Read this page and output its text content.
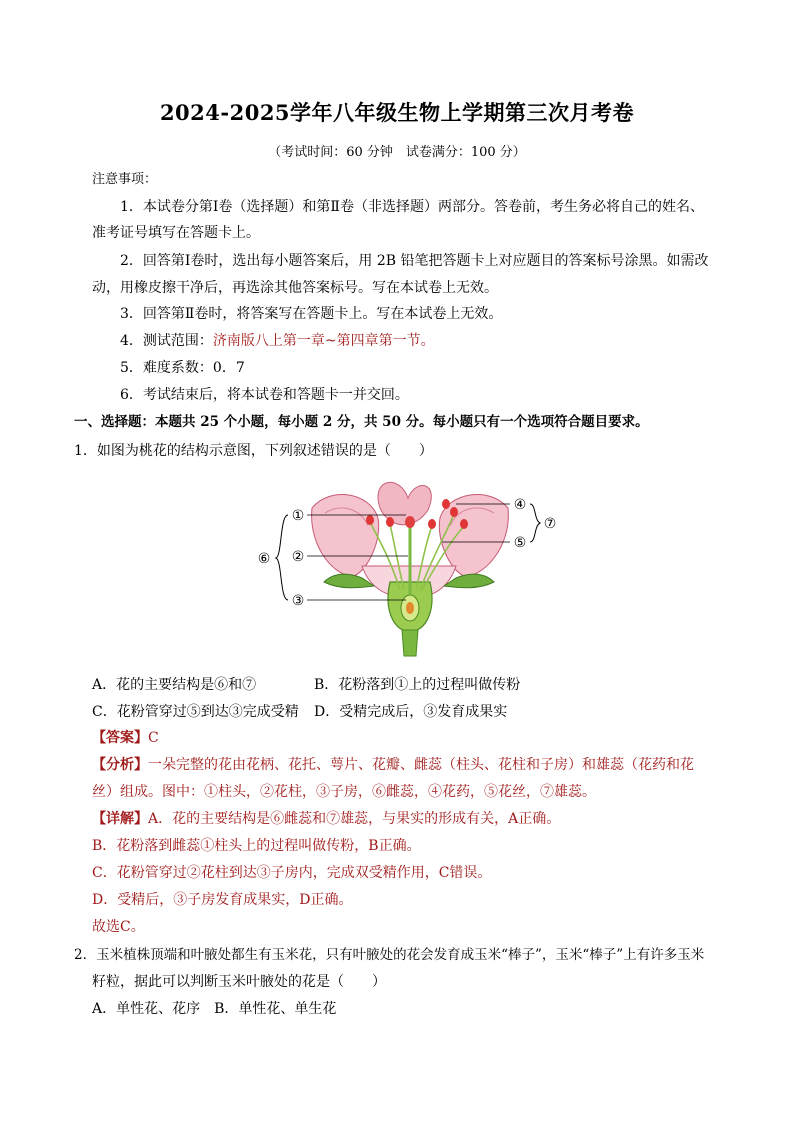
2024-2025学年八年级生物上学期第三次月考卷
（考试时间：60 分钟　试卷满分：100 分）
注意事项：
1．本试卷分第Ⅰ卷（选择题）和第Ⅱ卷（非选择题）两部分。答卷前，考生务必将自己的姓名、
准考证号填写在答题卡上。
2．回答第Ⅰ卷时，选出每小题答案后，用 2B 铅笔把答题卡上对应题目的答案标号涂黑。如需改
动，用橡皮擦干净后，再选涂其他答案标号。写在本试卷上无效。
3．回答第Ⅱ卷时，将答案写在答题卡上。写在本试卷上无效。
4．测试范围：济南版八上第一章~第四章第一节。
5．难度系数：0．7
6．考试结束后，将本试卷和答题卡一并交回。
一、选择题：本题共 25 个小题，每小题 2 分，共 50 分。每小题只有一个选项符合题目要求。
1．如图为桃花的结构示意图，下列叙述错误的是（　　）
①
②
③
④
⑤
⑥
⑦
A．花的主要结构是⑥和⑦	B．花粉落到①上的过程叫做传粉
C．花粉管穿过⑤到达③完成受精 D．受精完成后，③发育成果实
【答案】C
【分析】一朵完整的花由花柄、花托、萼片、花瓣、雌蕊（柱头、花柱和子房）和雄蕊（花药和花
丝）组成。图中：①柱头，②花柱，③子房，⑥雌蕊，④花药，⑤花丝，⑦雄蕊。
【详解】A．花的主要结构是⑥雌蕊和⑦雄蕊，与果实的形成有关，A正确。
B．花粉落到雌蕊①柱头上的过程叫做传粉，B正确。
C．花粉管穿过②花柱到达③子房内，完成双受精作用，C错误。
D．受精后，③子房发育成果实，D正确。
故选C。
2．玉米植株顶端和叶腋处都生有玉米花，只有叶腋处的花会发育成玉米“棒子”，玉米“棒子”上有许多玉米
籽粒，据此可以判断玉米叶腋处的花是（　　）
A．单性花、花序　B．单性花、单生花
